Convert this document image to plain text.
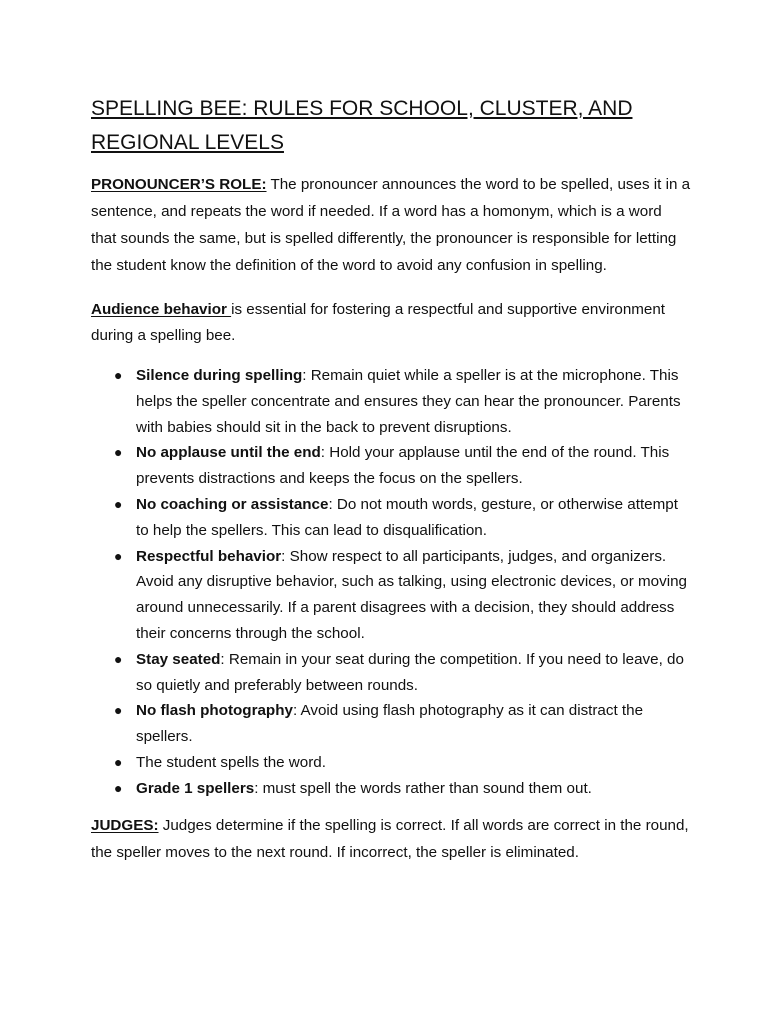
SPELLING BEE: RULES FOR SCHOOL, CLUSTER, AND REGIONAL LEVELS

PRONOUNCER’S ROLE: The pronouncer announces the word to be spelled, uses it in a sentence, and repeats the word if needed. If a word has a homonym, which is a word that sounds the same, but is spelled differently, the pronouncer is responsible for letting the student know the definition of the word to avoid any confusion in spelling.

Audience behavior is essential for fostering a respectful and supportive environment during a spelling bee.

● Silence during spelling: Remain quiet while a speller is at the microphone. This helps the speller concentrate and ensures they can hear the pronouncer. Parents with babies should sit in the back to prevent disruptions.
● No applause until the end: Hold your applause until the end of the round. This prevents distractions and keeps the focus on the spellers.
● No coaching or assistance: Do not mouth words, gesture, or otherwise attempt to help the spellers. This can lead to disqualification.
● Respectful behavior: Show respect to all participants, judges, and organizers. Avoid any disruptive behavior, such as talking, using electronic devices, or moving around unnecessarily. If a parent disagrees with a decision, they should address their concerns through the school.
● Stay seated: Remain in your seat during the competition. If you need to leave, do so quietly and preferably between rounds.
● No flash photography: Avoid using flash photography as it can distract the spellers.
● The student spells the word.
● Grade 1 spellers: must spell the words rather than sound them out.

JUDGES: Judges determine if the spelling is correct. If all words are correct in the round, the speller moves to the next round. If incorrect, the speller is eliminated.
